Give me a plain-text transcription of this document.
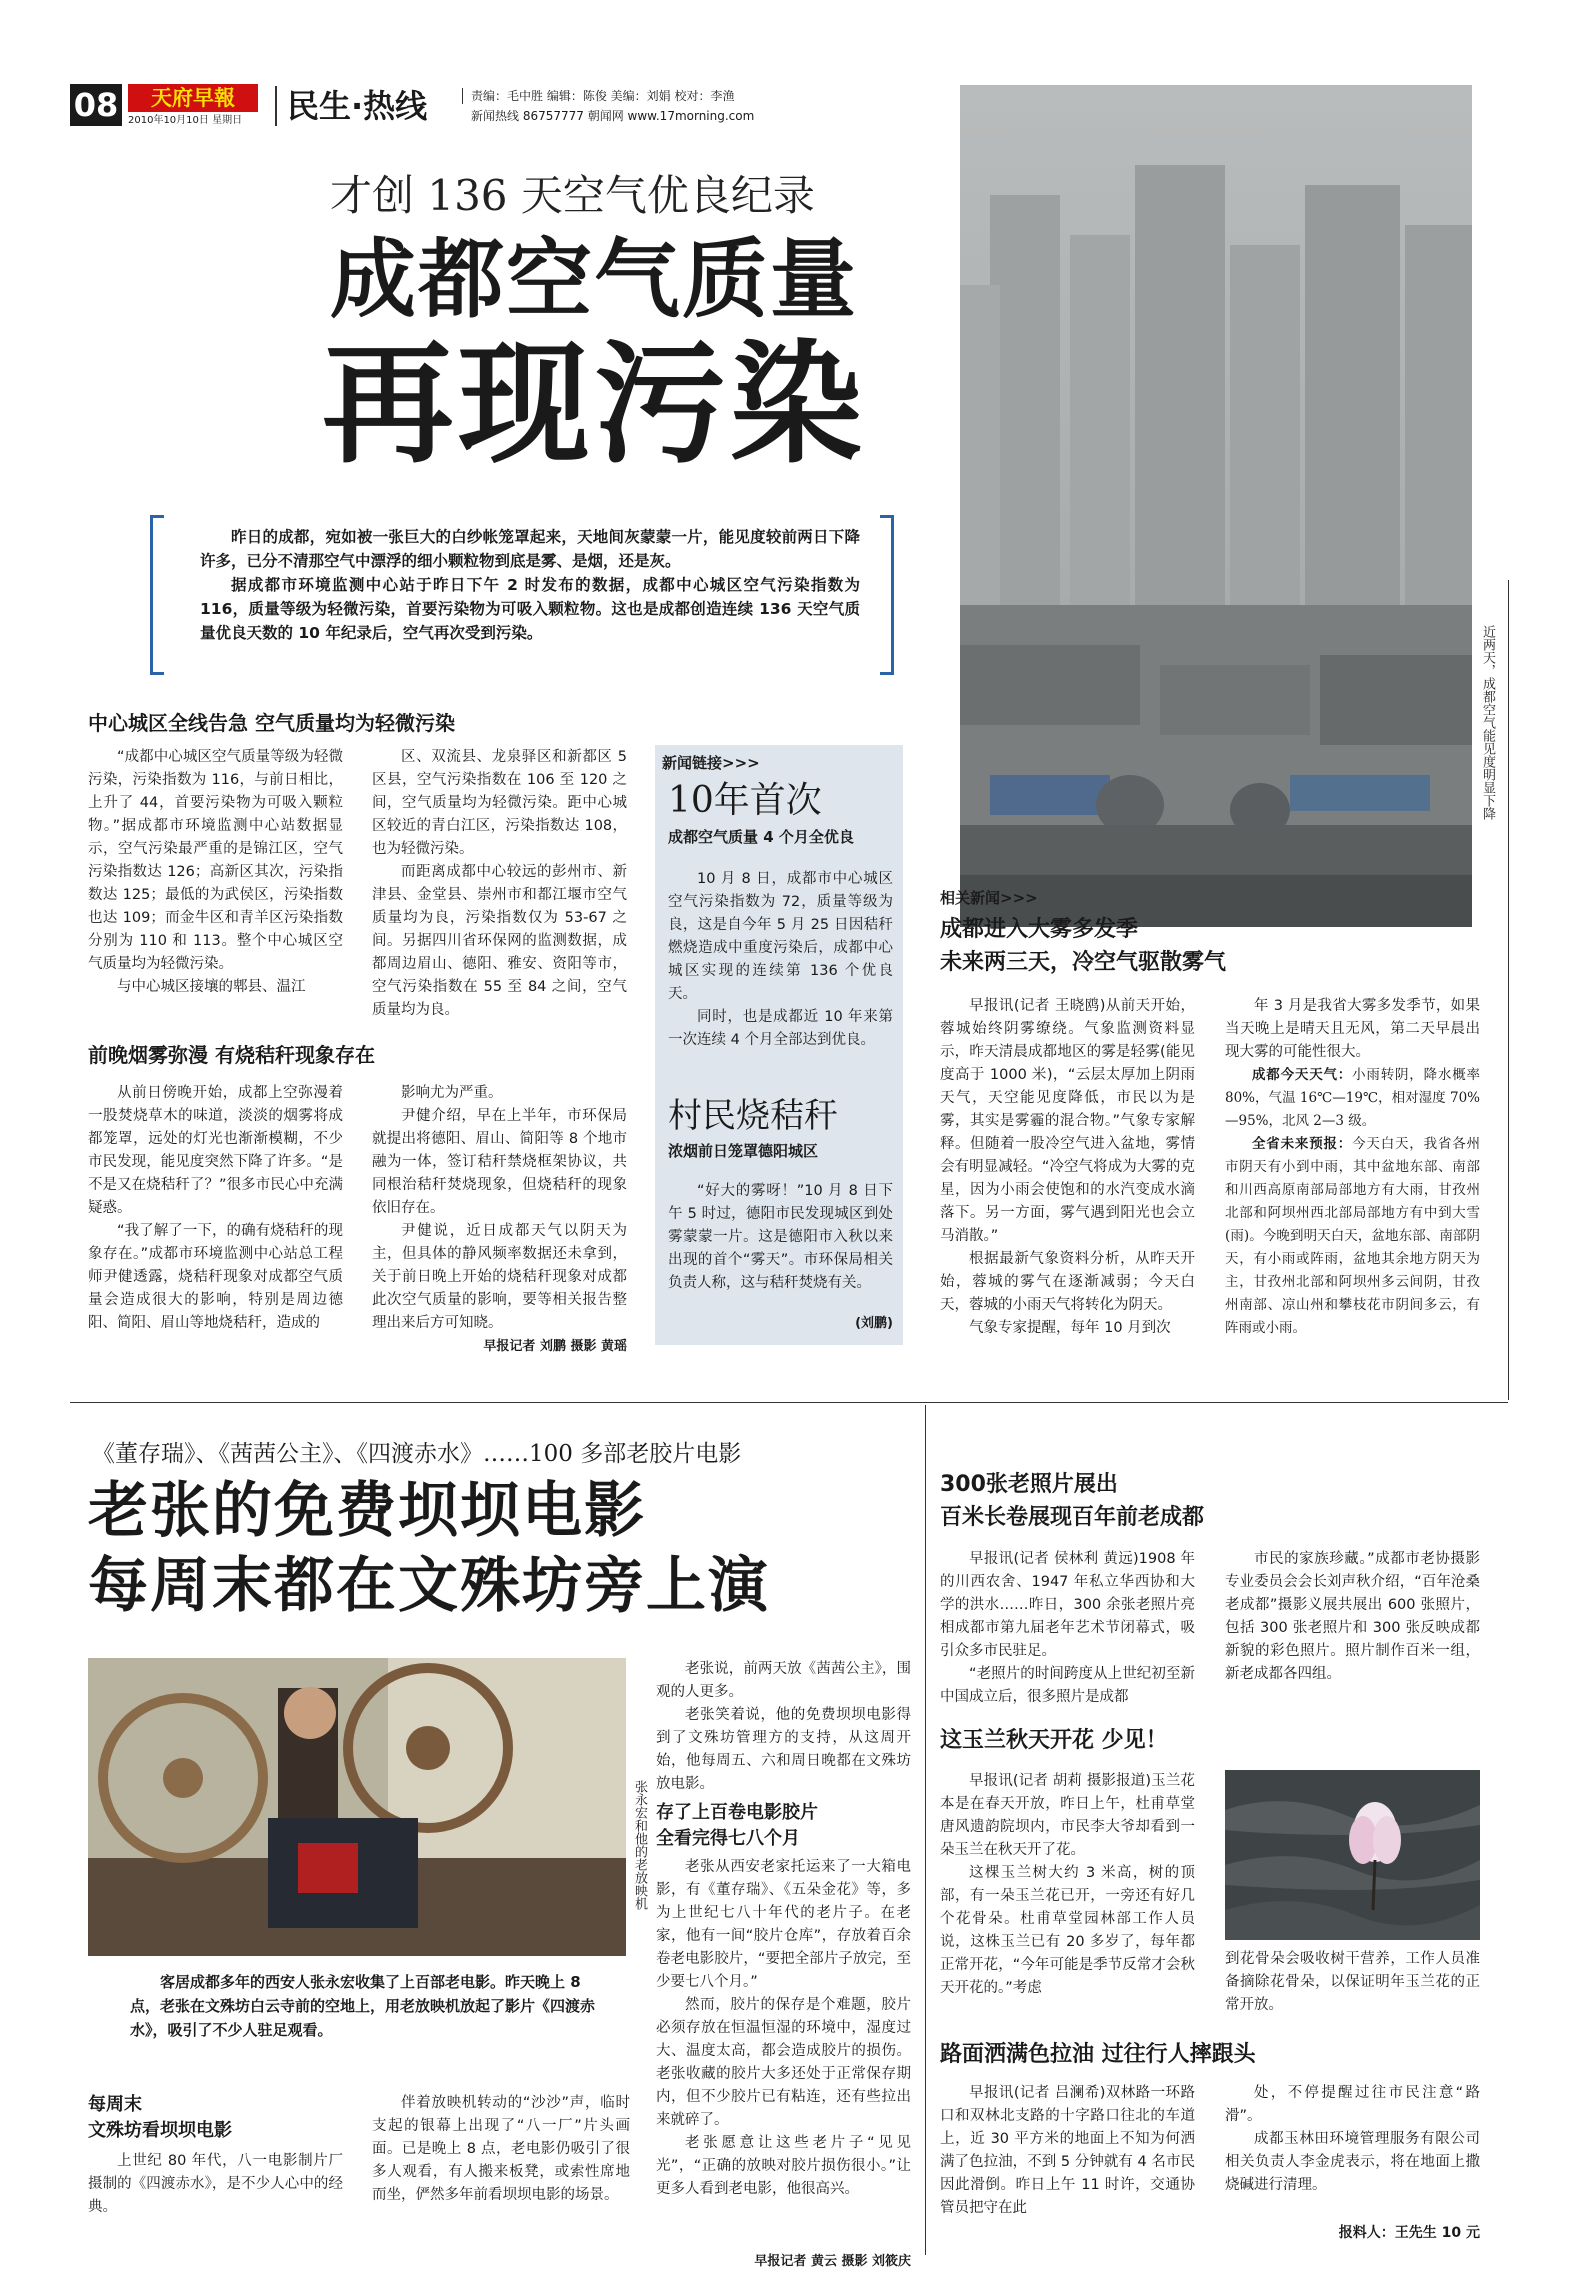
08	天府早報
2010年10月10日 星期日	民生·热线	责编：毛中胜 编辑：陈俊 美编：刘娟 校对：李渔
新闻热线 86757777 朝闻网 www.17morning.com
才创 136 天空气优良纪录
成都空气质量
再现污染
近两天，成都空气能见度明显下降

昨日的成都，宛如被一张巨大的白纱帐笼罩起来，天地间灰蒙蒙一片，能见度较前两日下降许多，已分不清那空气中漂浮的细小颗粒物到底是雾、是烟，还是灰。

据成都市环境监测中心站于昨日下午 2 时发布的数据，成都中心城区空气污染指数为 116，质量等级为轻微污染，首要污染物为可吸入颗粒物。这也是成都创造连续 136 天空气质量优良天数的 10 年纪录后，空气再次受到污染。

中心城区全线告急 空气质量均为轻微污染

“成都中心城区空气质量等级为轻微污染，污染指数为 116，与前日相比，上升了 44，首要污染物为可吸入颗粒物。”据成都市环境监测中心站数据显示，空气污染最严重的是锦江区，空气污染指数达 126；高新区其次，污染指数达 125；最低的为武侯区，污染指数也达 109；而金牛区和青羊区污染指数分别为 110 和 113。整个中心城区空气质量均为轻微污染。

与中心城区接壤的郫县、温江

区、双流县、龙泉驿区和新都区 5 区县，空气污染指数在 106 至 120 之间，空气质量均为轻微污染。距中心城区较近的青白江区，污染指数达 108，也为轻微污染。

而距离成都中心较远的彭州市、新津县、金堂县、崇州市和都江堰市空气质量均为良，污染指数仅为 53-67 之间。另据四川省环保网的监测数据，成都周边眉山、德阳、雅安、资阳等市，空气污染指数在 55 至 84 之间，空气质量均为良。

前晚烟雾弥漫 有烧秸秆现象存在

从前日傍晚开始，成都上空弥漫着一股焚烧草木的味道，淡淡的烟雾将成都笼罩，远处的灯光也渐渐模糊，不少市民发现，能见度突然下降了许多。“是不是又在烧秸秆了？”很多市民心中充满疑惑。

“我了解了一下，的确有烧秸秆的现象存在。”成都市环境监测中心站总工程师尹健透露，烧秸秆现象对成都空气质量会造成很大的影响，特别是周边德阳、简阳、眉山等地烧秸秆，造成的

影响尤为严重。

尹健介绍，早在上半年，市环保局就提出将德阳、眉山、简阳等 8 个地市融为一体，签订秸秆禁烧框架协议，共同根治秸秆焚烧现象，但烧秸秆的现象依旧存在。

尹健说，近日成都天气以阴天为主，但具体的静风频率数据还未拿到，关于前日晚上开始的烧秸秆现象对成都此次空气质量的影响，要等相关报告整理出来后方可知晓。

早报记者 刘鹏 摄影 黄瑶
新闻链接>>>
10年首次
成都空气质量 4 个月全优良

10 月 8 日，成都市中心城区空气污染指数为 72，质量等级为良，这是自今年 5 月 25 日因秸秆燃烧造成中重度污染后，成都中心城区实现的连续第 136 个优良天。

同时，也是成都近 10 年来第一次连续 4 个月全部达到优良。

村民烧秸秆
浓烟前日笼罩德阳城区

“好大的雾呀！”10 月 8 日下午 5 时过，德阳市民发现城区到处雾蒙蒙一片。这是德阳市入秋以来出现的首个“雾天”。市环保局相关负责人称，这与秸秆焚烧有关。

(刘鹏)
相关新闻>>>
成都进入大雾多发季
未来两三天，冷空气驱散雾气

早报讯(记者 王晓鸥)从前天开始，蓉城始终阴雾缭绕。气象监测资料显示，昨天清晨成都地区的雾是轻雾(能见度高于 1000 米)，“云层太厚加上阴雨天气，天空能见度降低，市民以为是雾，其实是雾霾的混合物。”气象专家解释。但随着一股冷空气进入盆地，雾情会有明显减轻。“冷空气将成为大雾的克星，因为小雨会使饱和的水汽变成水滴落下。另一方面，雾气遇到阳光也会立马消散。”

根据最新气象资料分析，从昨天开始，蓉城的雾气在逐渐减弱；今天白天，蓉城的小雨天气将转化为阴天。

气象专家提醒，每年 10 月到次

年 3 月是我省大雾多发季节，如果当天晚上是晴天且无风，第二天早晨出现大雾的可能性很大。

成都今天天气：小雨转阴，降水概率 80%，气温 16℃—19℃，相对湿度 70%—95%，北风 2—3 级。

全省未来预报：今天白天，我省各州市阴天有小到中雨，其中盆地东部、南部和川西高原南部局部地方有大雨，甘孜州北部和阿坝州西北部局部地方有中到大雪(雨)。今晚到明天白天，盆地东部、南部阴天，有小雨或阵雨，盆地其余地方阴天为主，甘孜州北部和阿坝州多云间阴，甘孜州南部、凉山州和攀枝花市阴间多云，有阵雨或小雨。

《董存瑞》、《茜茜公主》、《四渡赤水》……100 多部老胶片电影
老张的免费坝坝电影
每周末都在文殊坊旁上演
张永宏和他的老放映机
客居成都多年的西安人张永宏收集了上百部老电影。昨天晚上 8 点，老张在文殊坊白云寺前的空地上，用老放映机放起了影片《四渡赤水》，吸引了不少人驻足观看。
每周末
文殊坊看坝坝电影

上世纪 80 年代，八一电影制片厂摄制的《四渡赤水》，是不少人心中的经典。

伴着放映机转动的“沙沙”声，临时支起的银幕上出现了“八一厂”片头画面。已是晚上 8 点，老电影仍吸引了很多人观看，有人搬来板凳，或索性席地而坐，俨然多年前看坝坝电影的场景。

老张说，前两天放《茜茜公主》，围观的人更多。

老张笑着说，他的免费坝坝电影得到了文殊坊管理方的支持，从这周开始，他每周五、六和周日晚都在文殊坊放电影。

存了上百卷电影胶片
全看完得七八个月

老张从西安老家托运来了一大箱电影，有《董存瑞》、《五朵金花》等，多为上世纪七八十年代的老片子。在老家，他有一间“胶片仓库”，存放着百余卷老电影胶片，“要把全部片子放完，至少要七八个月。”

然而，胶片的保存是个难题，胶片必须存放在恒温恒湿的环境中，湿度过大、温度太高，都会造成胶片的损伤。老张收藏的胶片大多还处于正常保存期内，但不少胶片已有粘连，还有些拉出来就碎了。

老张愿意让这些老片子“见见光”，“正确的放映对胶片损伤很小。”让更多人看到老电影，他很高兴。

早报记者 黄云 摄影 刘筱庆
300张老照片展出
百米长卷展现百年前老成都

早报讯(记者 侯林利 黄远)1908 年的川西农舍、1947 年私立华西协和大学的洪水……昨日，300 余张老照片亮相成都市第九届老年艺术节闭幕式，吸引众多市民驻足。

“老照片的时间跨度从上世纪初至新中国成立后，很多照片是成都

市民的家族珍藏。”成都市老协摄影专业委员会会长刘声秋介绍，“百年沧桑 老成都”摄影义展共展出 600 张照片，包括 300 张老照片和 300 张反映成都新貌的彩色照片。照片制作百米一组，新老成都各四组。

这玉兰秋天开花 少见！

早报讯(记者 胡莉 摄影报道)玉兰花本是在春天开放，昨日上午，杜甫草堂唐风遗韵院坝内，市民李大爷却看到一朵玉兰在秋天开了花。

这棵玉兰树大约 3 米高，树的顶部，有一朵玉兰花已开，一旁还有好几个花骨朵。杜甫草堂园林部工作人员说，这株玉兰已有 20 多岁了，每年都正常开花，“今年可能是季节反常才会秋天开花的。”考虑

到花骨朵会吸收树干营养，工作人员准备摘除花骨朵，以保证明年玉兰花的正常开放。
路面洒满色拉油 过往行人摔跟头

早报讯(记者 吕澜希)双林路一环路口和双林北支路的十字路口往北的车道上，近 30 平方米的地面上不知为何洒满了色拉油，不到 5 分钟就有 4 名市民因此滑倒。昨日上午 11 时许，交通协管员把守在此

处，不停提醒过往市民注意“路滑”。

成都玉林田环境管理服务有限公司相关负责人李金虎表示，将在地面上撒烧碱进行清理。

报料人：王先生 10 元
